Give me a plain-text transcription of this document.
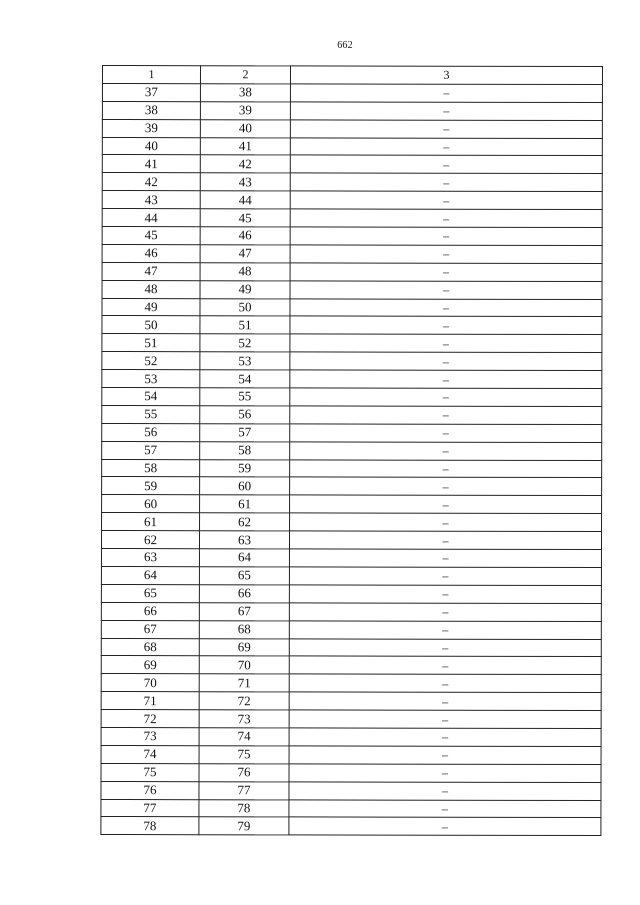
662
1	2	3
37	38	–
38	39	–
39	40	–
40	41	–
41	42	–
42	43	–
43	44	–
44	45	–
45	46	–
46	47	–
47	48	–
48	49	–
49	50	–
50	51	–
51	52	–
52	53	–
53	54	–
54	55	–
55	56	–
56	57	–
57	58	–
58	59	–
59	60	–
60	61	–
61	62	–
62	63	–
63	64	–
64	65	–
65	66	–
66	67	–
67	68	–
68	69	–
69	70	–
70	71	–
71	72	–
72	73	–
73	74	–
74	75	–
75	76	–
76	77	–
77	78	–
78	79	–
